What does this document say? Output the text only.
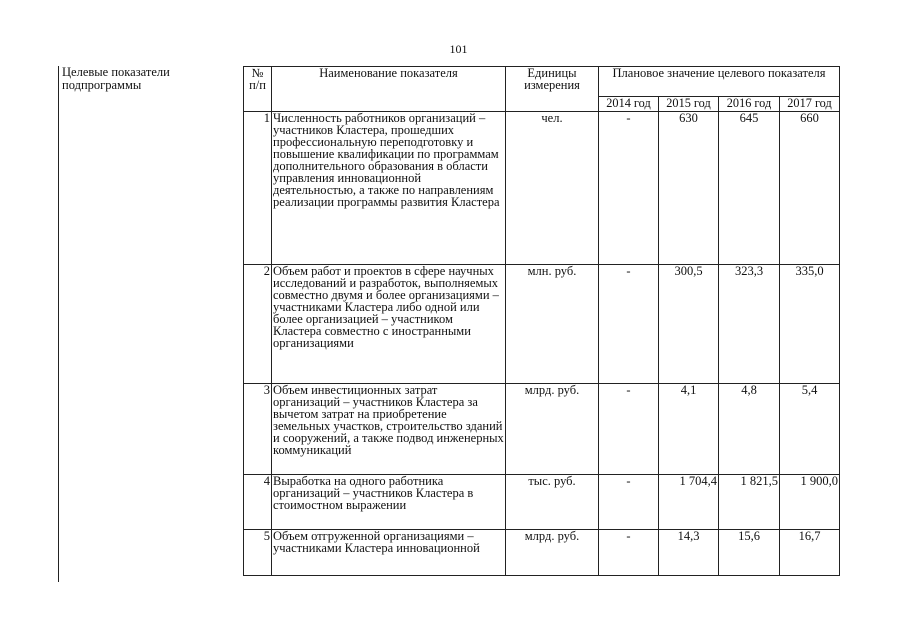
101
Целевые показатели подпрограммы
№ п/п	Наименование показателя	Единицы измерения	Плановое значение целевого показателя			
			2014 год	2015 год	2016 год	2017 год
1	Численность работников организаций – участников Кластера, прошедших профессиональную переподготовку и повышение квалификации по программам дополнительного образования в области управления инновационной деятельностью, а также по направлениям реализации программы развития Кластера	чел.	-	630	645	660
2	Объем работ и проектов в сфере научных исследований и разработок, выполняемых совместно двумя и более организациями – участниками Кластера либо одной или более организацией – участником Кластера совместно с иностранными организациями	млн. руб.	-	300,5	323,3	335,0
3	Объем инвестиционных затрат организаций – участников Кластера за вычетом затрат на приобретение земельных участков, строительство зданий и сооружений, а также подвод инженерных коммуникаций	млрд. руб.	-	4,1	4,8	5,4
4	Выработка на одного работника организаций – участников Кластера в стоимостном выражении	тыс. руб.	-	1 704,4	1 821,5	1 900,0
5	Объем отгруженной организациями – участниками Кластера инновационной	млрд. руб.	-	14,3	15,6	16,7
